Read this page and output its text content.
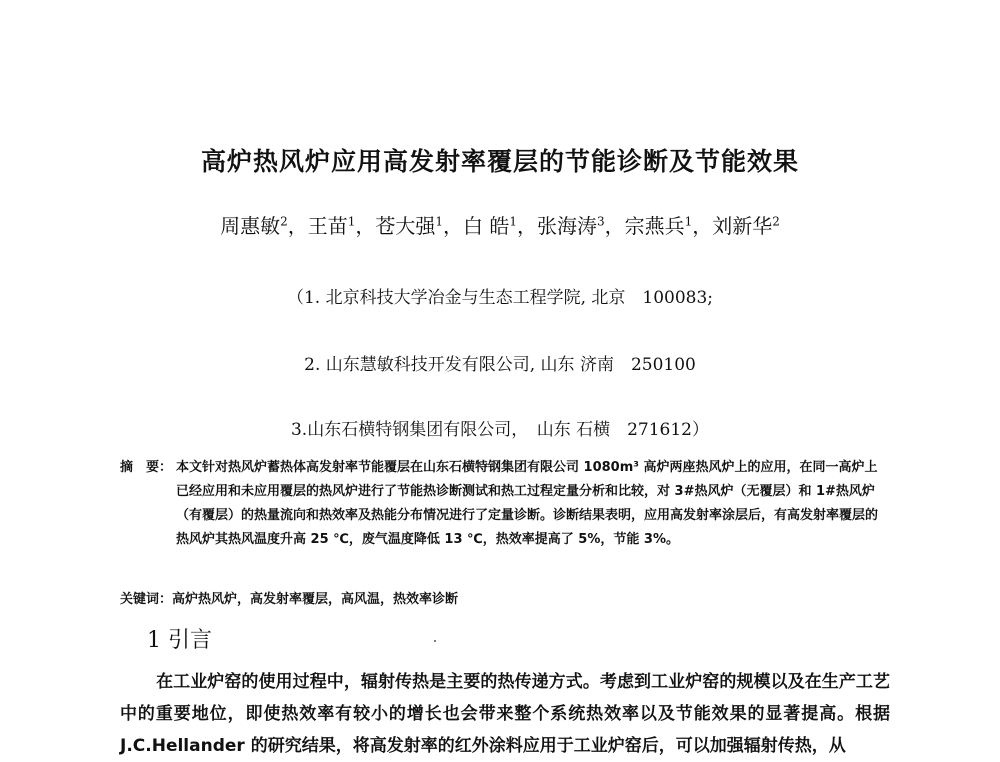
高炉热风炉应用高发射率覆层的节能诊断及节能效果
周惠敏$^2$，王苗$^1$，苍大强$^1$，白 皓$^1$，张海涛$^3$，宗燕兵$^1$，刘新华$^2$
（1. 北京科技大学冶金与生态工程学院, 北京　100083;
2. 山东慧敏科技开发有限公司, 山东 济南　250100
3.山东石横特钢集团有限公司，　山东 石横　271612）
摘　要： 本文针对热风炉蓄热体高发射率节能覆层在山东石横特钢集团有限公司 1080m³ 高炉两座热风炉上的应用，在同一高炉上已经应用和未应用覆层的热风炉进行了节能热诊断测试和热工过程定量分析和比较，对 3#热风炉（无覆层）和 1#热风炉（有覆层）的热量流向和热效率及热能分布情况进行了定量诊断。诊断结果表明，应用高发射率涂层后，有高发射率覆层的热风炉其热风温度升高 25 ℃，废气温度降低 13 ℃，热效率提高了 5%，节能 3%。
关键词：高炉热风炉，高发射率覆层，高风温，热效率诊断
1 引言
在工业炉窑的使用过程中，辐射传热是主要的热传递方式。考虑到工业炉窑的规模以及在生产工艺中的重要地位，即使热效率有较小的增长也会带来整个系统热效率以及节能效果的显著提高。根据 J.C.Hellander 的研究结果，将高发射率的红外涂料应用于工业炉窑后，可以加强辐射传热，从
